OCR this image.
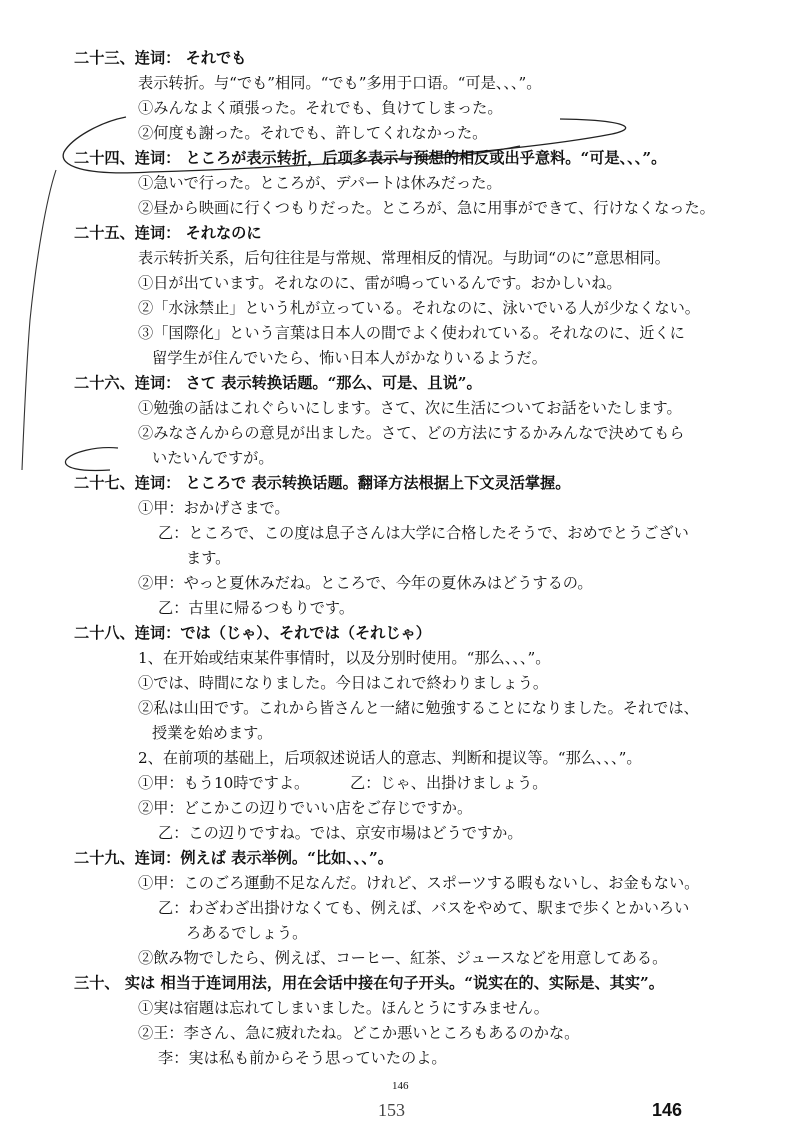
二十三、连词： それでも
表示转折。与“でも”相同。“でも”多用于口语。“可是、、、”。
①みんなよく頑張った。それでも、負けてしまった。
②何度も謝った。それでも、許してくれなかった。
二十四、连词： ところが表示转折，后项多表示与预想的相反或出乎意料。“可是、、、”。
①急いで行った。ところが、デパートは休みだった。
②昼から映画に行くつもりだった。ところが、急に用事ができて、行けなくなった。
二十五、连词： それなのに
表示转折关系，后句往往是与常规、常理相反的情况。与助词“のに”意思相同。
①日が出ています。それなのに、雷が鳴っているんです。おかしいね。
②「水泳禁止」という札が立っている。それなのに、泳いでいる人が少なくない。
③「国際化」という言葉は日本人の間でよく使われている。それなのに、近くに
留学生が住んでいたら、怖い日本人がかなりいるようだ。
二十六、连词： さて 表示转换话题。“那么、可是、且说”。
①勉強の話はこれぐらいにします。さて、次に生活についてお話をいたします。
②みなさんからの意見が出ました。さて、どの方法にするかみんなで決めてもら
いたいんですが。
二十七、连词： ところで 表示转换话题。翻译方法根据上下文灵活掌握。
①甲：おかげさまで。
乙：ところで、この度は息子さんは大学に合格したそうで、おめでとうござい
ます。
②甲：やっと夏休みだね。ところで、今年の夏休みはどうするの。
乙：古里に帰るつもりです。
二十八、连词：では（じゃ）、それでは（それじゃ）
1、在开始或结束某件事情时，以及分别时使用。“那么、、、”。
①では、時間になりました。今日はこれで終わりましょう。
②私は山田です。これから皆さんと一緒に勉強することになりました。それでは、
授業を始めます。
2、在前项的基础上，后项叙述说话人的意志、判断和提议等。“那么、、、”。
①甲：もう10時ですよ。	乙：じゃ、出掛けましょう。
②甲：どこかこの辺りでいい店をご存じですか。
乙：この辺りですね。では、京安市場はどうですか。
二十九、连词：例えば 表示举例。“比如、、、”。
①甲：このごろ運動不足なんだ。けれど、スポーツする暇もないし、お金もない。
乙：わざわざ出掛けなくても、例えば、バスをやめて、駅まで歩くとかいろい
ろあるでしょう。
②飲み物でしたら、例えば、コーヒー、紅茶、ジュースなどを用意してある。
三十、 实は 相当于连词用法，用在会话中接在句子开头。“说实在的、实际是、其实”。
①実は宿題は忘れてしまいました。ほんとうにすみません。
②王：李さん、急に疲れたね。どこか悪いところもあるのかな。
李：実は私も前からそう思っていたのよ。
146
153	146
